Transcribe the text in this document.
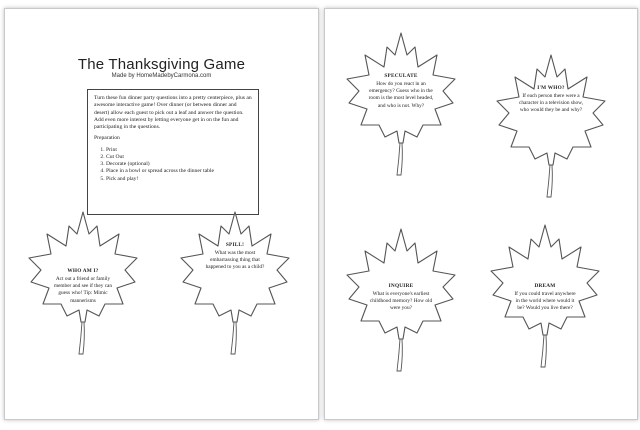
The Thanksgiving Game
Made by HomeMadebyCarmona.com

Turn these fun dinner party questions into a pretty centerpiece, plus an awesome interactive game! Over dinner (or between dinner and desert) allow each guest to pick out a leaf and answer the question. Add even more interest by letting everyone get in on the fun and participating in the questions.

Preparation

1. Print
2. Cut Out
3. Decorate (optional)
4. Place in a bowl or spread across the dinner table
5. Pick and play!
WHO AM I?
Act out a friend or family member and see if they can guess who! Tip: Mimic mannerisms
SPILL!
What was the most embarrassing thing that happened to you as a child?
SPECULATE
How do you react in an emergency? Guess who in the room is the most level headed, and who is not. Why?
I'M WHO?
If each person there were a character in a television show, who would they be and why?
INQUIRE
What is everyone's earliest childhood memory? How old were you?
DREAM
If you could travel anywhere in the world where would it be? Would you live there?
